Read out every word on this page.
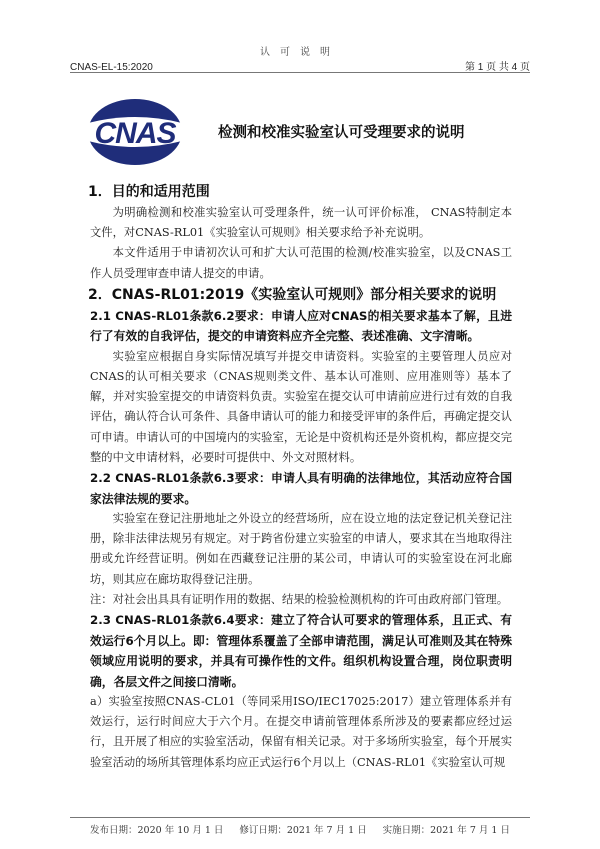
认可说明
CNAS-EL-15:2020	第 1 页 共 4 页
CNAS	检测和校准实验室认可受理要求的说明
1．目的和适用范围

为明确检测和校准实验室认可受理条件，统一认可评价标准， CNAS特制定本文件，对CNAS-RL01《实验室认可规则》相关要求给予补充说明。

本文件适用于申请初次认可和扩大认可范围的检测/校准实验室，以及CNAS工作人员受理审查申请人提交的申请。

2．CNAS-RL01:2019《实验室认可规则》部分相关要求的说明
2.1 CNAS-RL01条款6.2要求：申请人应对CNAS的相关要求基本了解，且进行了有效的自我评估，提交的申请资料应齐全完整、表述准确、文字清晰。

实验室应根据自身实际情况填写并提交申请资料。实验室的主要管理人员应对CNAS的认可相关要求（CNAS规则类文件、基本认可准则、应用准则等）基本了解，并对实验室提交的申请资料负责。实验室在提交认可申请前应进行过有效的自我评估，确认符合认可条件、具备申请认可的能力和接受评审的条件后，再确定提交认可申请。申请认可的中国境内的实验室，无论是中资机构还是外资机构，都应提交完整的中文申请材料，必要时可提供中、外文对照材料。

2.2 CNAS-RL01条款6.3要求：申请人具有明确的法律地位，其活动应符合国家法律法规的要求。

实验室在登记注册地址之外设立的经营场所，应在设立地的法定登记机关登记注册，除非法律法规另有规定。对于跨省份建立实验室的申请人，要求其在当地取得注册或允许经营证明。例如在西藏登记注册的某公司，申请认可的实验室设在河北廊坊，则其应在廊坊取得登记注册。

注：对社会出具具有证明作用的数据、结果的检验检测机构的许可由政府部门管理。

2.3 CNAS-RL01条款6.4要求：建立了符合认可要求的管理体系，且正式、有效运行6个月以上。即：管理体系覆盖了全部申请范围，满足认可准则及其在特殊领域应用说明的要求，并具有可操作性的文件。组织机构设置合理，岗位职责明确，各层文件之间接口清晰。

a）实验室按照CNAS-CL01（等同采用ISO/IEC17025:2017）建立管理体系并有效运行，运行时间应大于六个月。在提交申请前管理体系所涉及的要素都应经过运行，且开展了相应的实验室活动，保留有相关记录。对于多场所实验室，每个开展实验室活动的场所其管理体系均应正式运行6个月以上（CNAS-RL01《实验室认可规

发布日期：2020 年 10 月 1 日 修订日期：2021 年 7 月 1 日 实施日期：2021 年 7 月 1 日
